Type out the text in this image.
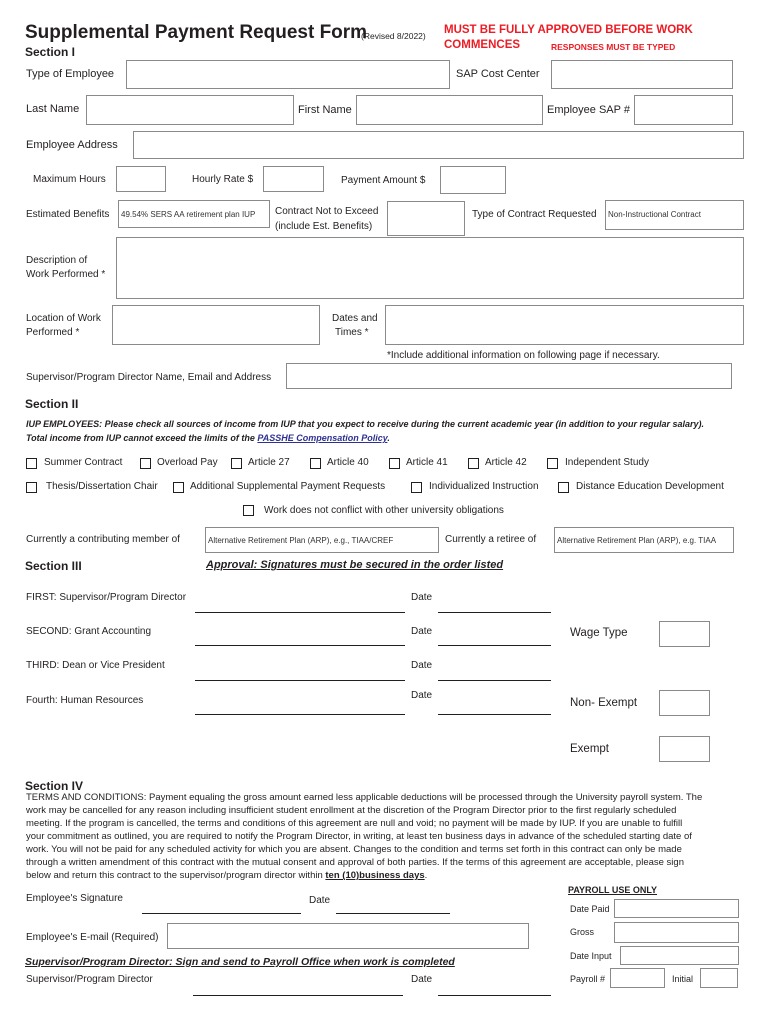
Supplemental Payment Request Form
(Revised 8/2022) MUST BE FULLY APPROVED BEFORE WORK
COMMENCES	RESPONSES MUST BE TYPED
Section I
Type of Employee	SAP Cost Center
Last Name	First Name	Employee SAP #
Employee Address
Maximum Hours	Hourly Rate $	Payment Amount $
Estimated Benefits	49.54% SERS AA retirement plan IUP	Contract Not to Exceed
(include Est. Benefits)
Type of Contract Requested	Non-Instructional Contract
Description of
Work Performed *
Location of Work
Performed *
Dates and
Times *
*Include additional information on following page if necessary.
Supervisor/Program Director Name, Email and Address
Section II
IUP EMPLOYEES: Please check all sources of income from IUP that you expect to receive during the current academic year (in addition to your regular salary).
Total income from IUP cannot exceed the limits of the PASSHE Compensation Policy.
Summer Contract	Overload Pay	Article 27	Article 40	Article 41	Article 42	Independent Study
Thesis/Dissertation Chair	Additional Supplemental Payment Requests	Individualized Instruction	Distance Education Development
Work does not conflict with other university obligations
Currently a contributing member of	Alternative Retirement Plan (ARP), e.g., TIAA/CREF	Currently a retiree of	Alternative Retirement Plan (ARP), e.g. TIAA
Section III	Approval: Signatures must be secured in the order listed
FIRST: Supervisor/Program Director	Date
SECOND: Grant Accounting	Date
THIRD: Dean or Vice President	Date
Fourth: Human Resources	Date
Wage Type
Non- Exempt
Exempt
Section IV
TERMS AND CONDITIONS: Payment equaling the gross amount earned less applicable deductions will be processed through the University payroll system. The
work may be cancelled for any reason including insufficient student enrollment at the discretion of the Program Director prior to the first regularly scheduled
meeting. If the program is cancelled, the terms and conditions of this agreement are null and void; no payment will be made by IUP. If you are unable to fulfill
your commitment as outlined, you are required to notify the Program Director, in writing, at least ten business days in advance of the scheduled starting date of
work. You will not be paid for any scheduled activity for which you are absent. Changes to the condition and terms set forth in this contract can only be made
through a written amendment of this contract with the mutual consent and approval of both parties. If the terms of this agreement are acceptable, please sign
below and return this contract to the supervisor/program director within ten (10)business days.
Employee's Signature	Date
Employee's E-mail (Required)
Supervisor/Program Director: Sign and send to Payroll Office when work is completed
Supervisor/Program Director	Date
PAYROLL USE ONLY
Date Paid
Gross
Date Input
Payroll #	Initial
